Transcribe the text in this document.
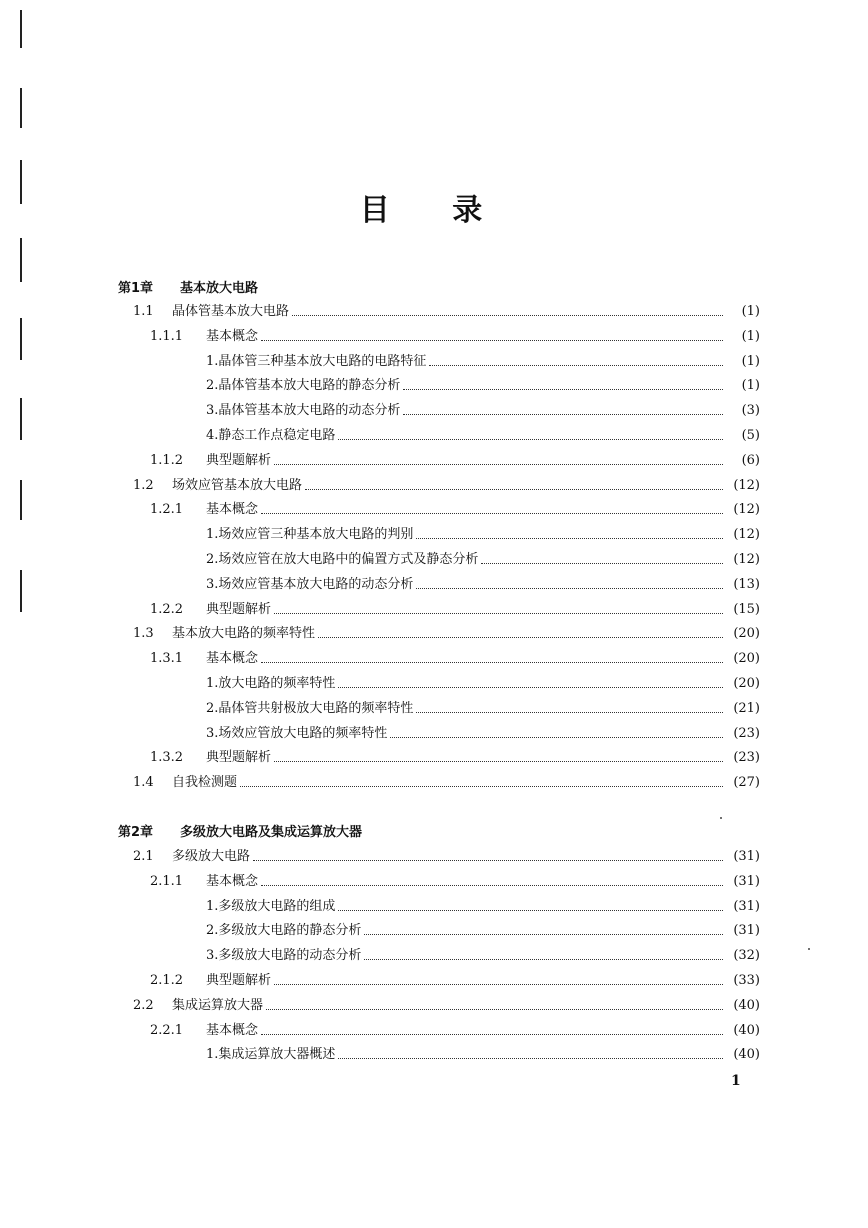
目 录
1
第1章 基本放大电路
1.1	晶体管基本放大电路	(1)
1.1.1	基本概念	(1)
1.晶体管三种基本放大电路的电路特征	(1)
2.晶体管基本放大电路的静态分析	(1)
3.晶体管基本放大电路的动态分析	(3)
4.静态工作点稳定电路	(5)
1.1.2	典型题解析	(6)
1.2	场效应管基本放大电路	(12)
1.2.1	基本概念	(12)
1.场效应管三种基本放大电路的判别	(12)
2.场效应管在放大电路中的偏置方式及静态分析	(12)
3.场效应管基本放大电路的动态分析	(13)
1.2.2	典型题解析	(15)
1.3	基本放大电路的频率特性	(20)
1.3.1	基本概念	(20)
1.放大电路的频率特性	(20)
2.晶体管共射极放大电路的频率特性	(21)
3.场效应管放大电路的频率特性	(23)
1.3.2	典型题解析	(23)
1.4	自我检测题	(27)
第2章 多级放大电路及集成运算放大器
2.1	多级放大电路	(31)
2.1.1	基本概念	(31)
1.多级放大电路的组成	(31)
2.多级放大电路的静态分析	(31)
3.多级放大电路的动态分析	(32)
2.1.2	典型题解析	(33)
2.2	集成运算放大器	(40)
2.2.1	基本概念	(40)
1.集成运算放大器概述	(40)
